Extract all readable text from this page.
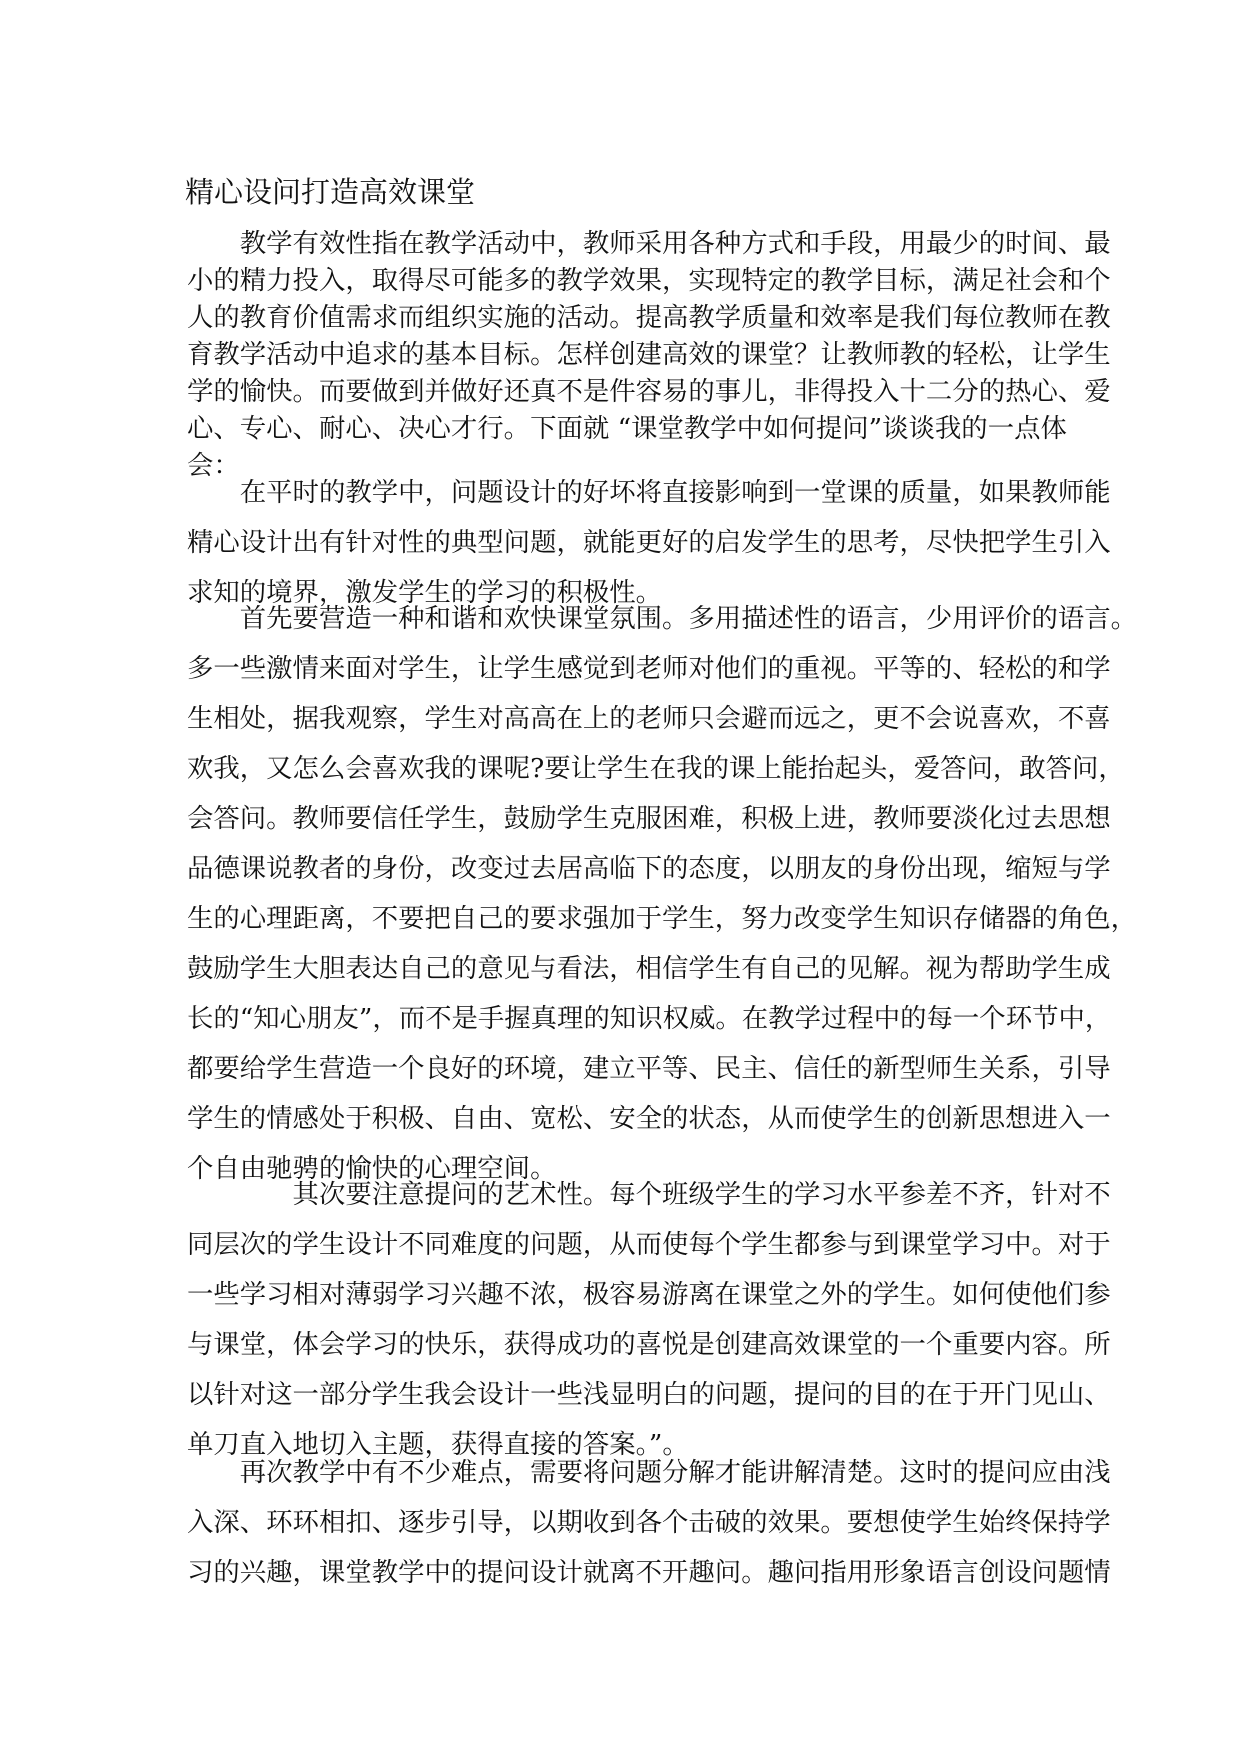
精心设问打造高效课堂
　　教学有效性指在教学活动中，教师采用各种方式和手段，用最少的时间、最
小的精力投入，取得尽可能多的教学效果，实现特定的教学目标，满足社会和个
人的教育价值需求而组织实施的活动。提高教学质量和效率是我们每位教师在教
育教学活动中追求的基本目标。怎样创建高效的课堂？让教师教的轻松，让学生
学的愉快。而要做到并做好还真不是件容易的事儿，非得投入十二分的热心、爱
心、专心、耐心、决心才行。下面就 “课堂教学中如何提问”谈谈我的一点体
会：
　　在平时的教学中，问题设计的好坏将直接影响到一堂课的质量，如果教师能
精心设计出有针对性的典型问题，就能更好的启发学生的思考，尽快把学生引入
求知的境界，激发学生的学习的积极性。
　　首先要营造一种和谐和欢快课堂氛围。多用描述性的语言，少用评价的语言。
多一些激情来面对学生，让学生感觉到老师对他们的重视。平等的、轻松的和学
生相处，据我观察，学生对高高在上的老师只会避而远之，更不会说喜欢，不喜
欢我，又怎么会喜欢我的课呢?要让学生在我的课上能抬起头，爱答问，敢答问，
会答问。教师要信任学生，鼓励学生克服困难，积极上进，教师要淡化过去思想
品德课说教者的身份，改变过去居高临下的态度，以朋友的身份出现，缩短与学
生的心理距离，不要把自己的要求强加于学生，努力改变学生知识存储器的角色，
鼓励学生大胆表达自己的意见与看法，相信学生有自己的见解。视为帮助学生成
长的“知心朋友”，而不是手握真理的知识权威。在教学过程中的每一个环节中，
都要给学生营造一个良好的环境，建立平等、民主、信任的新型师生关系，引导
学生的情感处于积极、自由、宽松、安全的状态，从而使学生的创新思想进入一
个自由驰骋的愉快的心理空间。
　　　　其次要注意提问的艺术性。每个班级学生的学习水平参差不齐，针对不
同层次的学生设计不同难度的问题，从而使每个学生都参与到课堂学习中。对于
一些学习相对薄弱学习兴趣不浓，极容易游离在课堂之外的学生。如何使他们参
与课堂，体会学习的快乐，获得成功的喜悦是创建高效课堂的一个重要内容。所
以针对这一部分学生我会设计一些浅显明白的问题，提问的目的在于开门见山、
单刀直入地切入主题，获得直接的答案。”。
　　再次教学中有不少难点，需要将问题分解才能讲解清楚。这时的提问应由浅
入深、环环相扣、逐步引导，以期收到各个击破的效果。要想使学生始终保持学
习的兴趣，课堂教学中的提问设计就离不开趣问。趣问指用形象语言创设问题情
